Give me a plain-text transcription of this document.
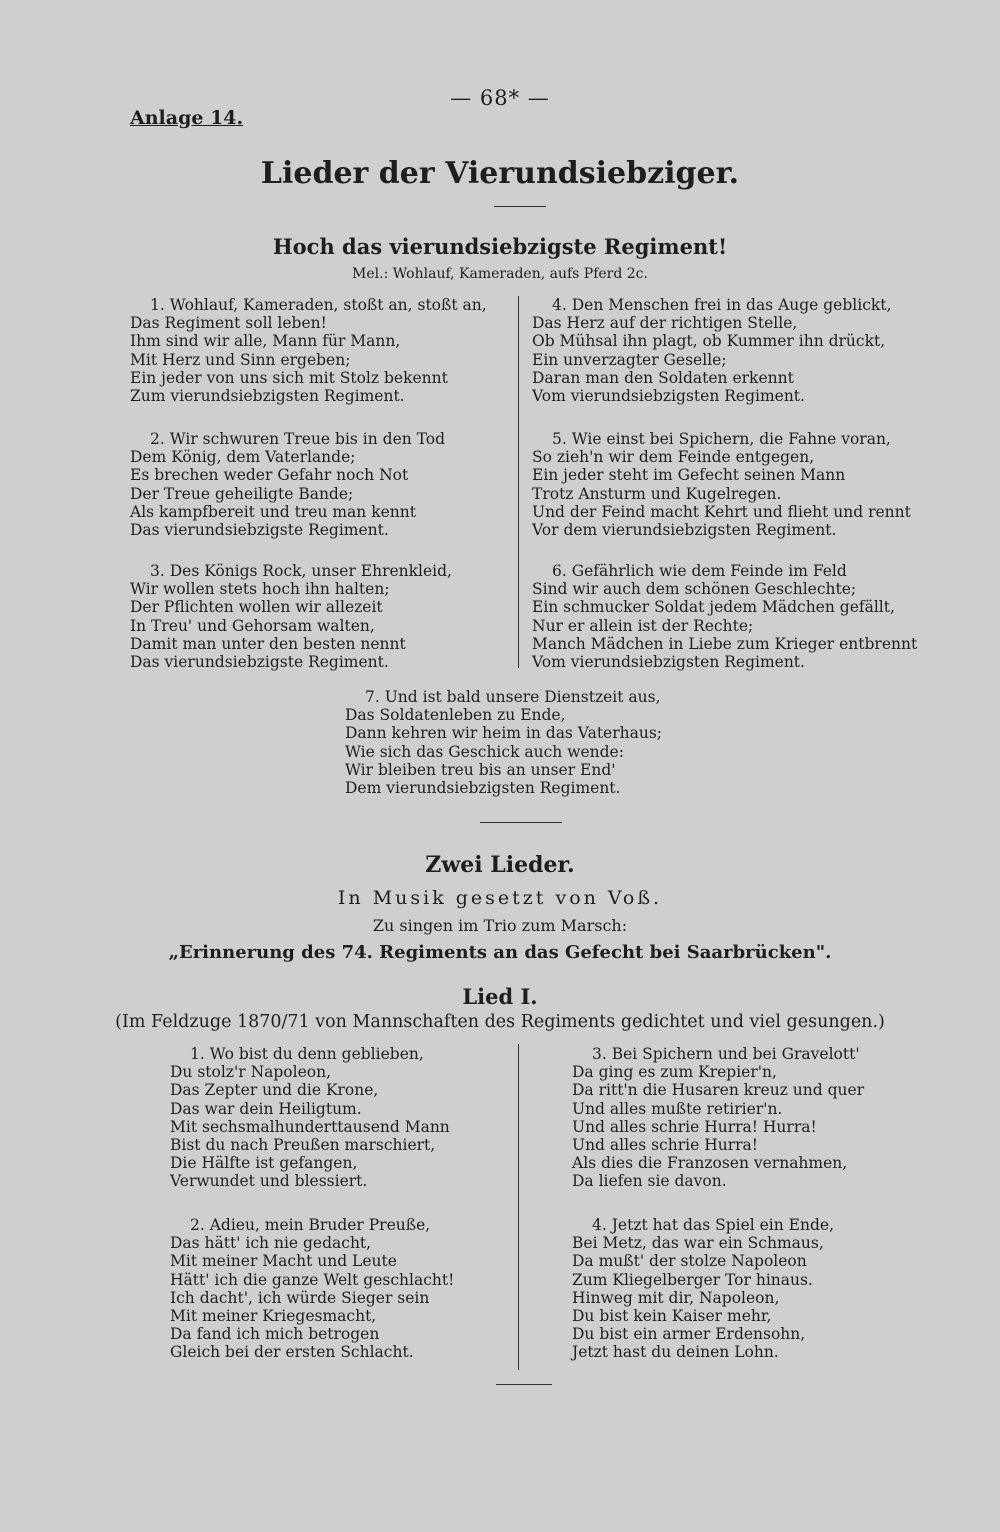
— 68* —
Anlage 14.
Lieder der Vierundsiebziger.
Hoch das vierundsiebzigste Regiment!
Mel.: Wohlauf, Kameraden, aufs Pferd 2c.
1. Wohlauf, Kameraden, stoßt an, stoßt an,
Das Regiment soll leben!
Ihm sind wir alle, Mann für Mann,
Mit Herz und Sinn ergeben;
Ein jeder von uns sich mit Stolz bekennt
Zum vierundsiebzigsten Regiment.
2. Wir schwuren Treue bis in den Tod
Dem König, dem Vaterlande;
Es brechen weder Gefahr noch Not
Der Treue geheiligte Bande;
Als kampfbereit und treu man kennt
Das vierundsiebzigste Regiment.
3. Des Königs Rock, unser Ehrenkleid,
Wir wollen stets hoch ihn halten;
Der Pflichten wollen wir allezeit
In Treu' und Gehorsam walten,
Damit man unter den besten nennt
Das vierundsiebzigste Regiment.
4. Den Menschen frei in das Auge geblickt,
Das Herz auf der richtigen Stelle,
Ob Mühsal ihn plagt, ob Kummer ihn drückt,
Ein unverzagter Geselle;
Daran man den Soldaten erkennt
Vom vierundsiebzigsten Regiment.
5. Wie einst bei Spichern, die Fahne voran,
So zieh'n wir dem Feinde entgegen,
Ein jeder steht im Gefecht seinen Mann
Trotz Ansturm und Kugelregen.
Und der Feind macht Kehrt und flieht und rennt
Vor dem vierundsiebzigsten Regiment.
6. Gefährlich wie dem Feinde im Feld
Sind wir auch dem schönen Geschlechte;
Ein schmucker Soldat jedem Mädchen gefällt,
Nur er allein ist der Rechte;
Manch Mädchen in Liebe zum Krieger entbrennt
Vom vierundsiebzigsten Regiment.
7. Und ist bald unsere Dienstzeit aus,
Das Soldatenleben zu Ende,
Dann kehren wir heim in das Vaterhaus;
Wie sich das Geschick auch wende:
Wir bleiben treu bis an unser End'
Dem vierundsiebzigsten Regiment.
Zwei Lieder.
In Musik gesetzt von Voß.
Zu singen im Trio zum Marsch:
„Erinnerung des 74. Regiments an das Gefecht bei Saarbrücken".
Lied I.
(Im Feldzuge 1870/71 von Mannschaften des Regiments gedichtet und viel gesungen.)
1. Wo bist du denn geblieben,
Du stolz'r Napoleon,
Das Zepter und die Krone,
Das war dein Heiligtum.
Mit sechsmalhunderttausend Mann
Bist du nach Preußen marschiert,
Die Hälfte ist gefangen,
Verwundet und blessiert.
2. Adieu, mein Bruder Preuße,
Das hätt' ich nie gedacht,
Mit meiner Macht und Leute
Hätt' ich die ganze Welt geschlacht!
Ich dacht', ich würde Sieger sein
Mit meiner Kriegesmacht,
Da fand ich mich betrogen
Gleich bei der ersten Schlacht.
3. Bei Spichern und bei Gravelott'
Da ging es zum Krepier'n,
Da ritt'n die Husaren kreuz und quer
Und alles mußte retirier'n.
Und alles schrie Hurra! Hurra!
Und alles schrie Hurra!
Als dies die Franzosen vernahmen,
Da liefen sie davon.
4. Jetzt hat das Spiel ein Ende,
Bei Metz, das war ein Schmaus,
Da mußt' der stolze Napoleon
Zum Kliegelberger Tor hinaus.
Hinweg mit dir, Napoleon,
Du bist kein Kaiser mehr,
Du bist ein armer Erdensohn,
Jetzt hast du deinen Lohn.
